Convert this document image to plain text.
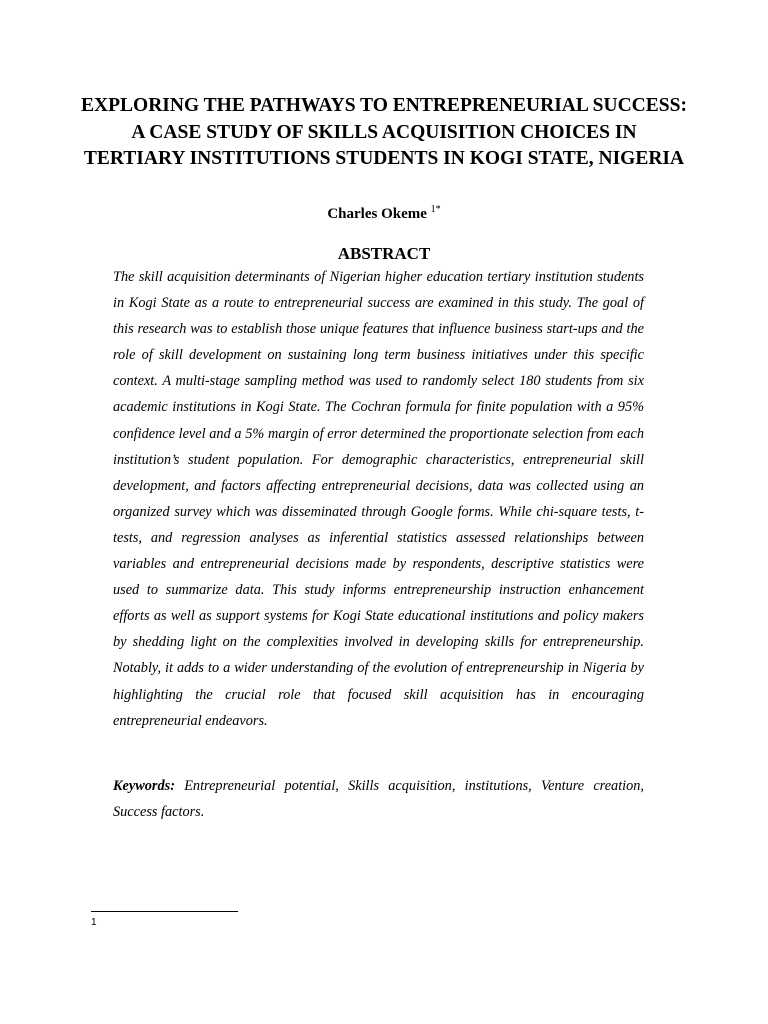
EXPLORING THE PATHWAYS TO ENTREPRENEURIAL SUCCESS: A CASE STUDY OF SKILLS ACQUISITION CHOICES IN TERTIARY INSTITUTIONS STUDENTS IN KOGI STATE, NIGERIA

Charles Okeme $^{1*}$

ABSTRACT

The skill acquisition determinants of Nigerian higher education tertiary institution students in Kogi State as a route to entrepreneurial success are examined in this study. The goal of this research was to establish those unique features that influence business start-ups and the role of skill development on sustaining long term business initiatives under this specific context. A multi-stage sampling method was used to randomly select 180 students from six academic institutions in Kogi State. The Cochran formula for finite population with a 95% confidence level and a 5% margin of error determined the proportionate selection from each institution’s student population. For demographic characteristics, entrepreneurial skill development, and factors affecting entrepreneurial decisions, data was collected using an organized survey which was disseminated through Google forms. While chi-square tests, t-tests, and regression analyses as inferential statistics assessed relationships between variables and entrepreneurial decisions made by respondents, descriptive statistics were used to summarize data. This study informs entrepreneurship instruction enhancement efforts as well as support systems for Kogi State educational institutions and policy makers by shedding light on the complexities involved in developing skills for entrepreneurship. Notably, it adds to a wider understanding of the evolution of entrepreneurship in Nigeria by highlighting the crucial role that focused skill acquisition has in encouraging entrepreneurial endeavors.

Keywords: Entrepreneurial potential, Skills acquisition, institutions, Venture creation, Success factors.

1
